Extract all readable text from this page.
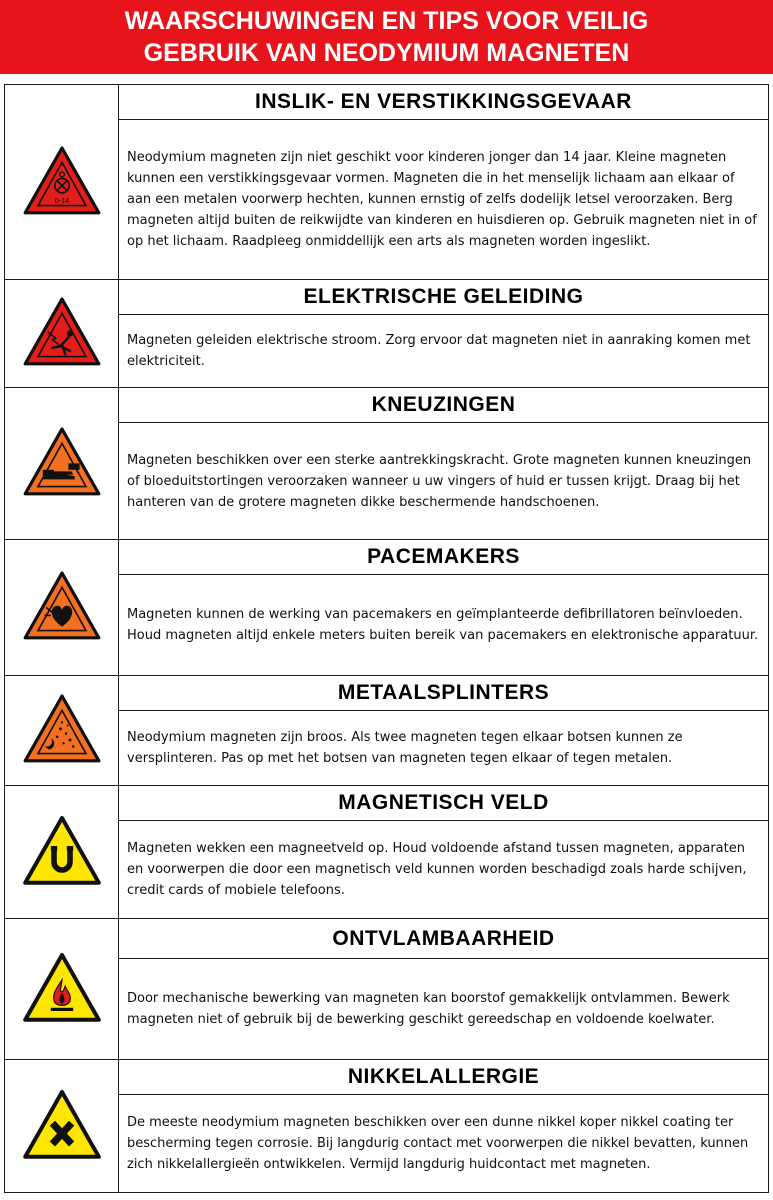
WAARSCHUWINGEN EN TIPS VOOR VEILIG
GEBRUIK VAN NEODYMIUM MAGNETEN
0-14	INSLIK- EN VERSTIKKINGSGEVAAR
	Neodymium magneten zijn niet geschikt voor kinderen jonger dan 14 jaar. Kleine magneten kunnen een verstikkingsgevaar vormen. Magneten die in het menselijk lichaam aan elkaar of aan een metalen voorwerp hechten, kunnen ernstig of zelfs dodelijk letsel veroorzaken. Berg magneten altijd buiten de reikwijdte van kinderen en huisdieren op. Gebruik magneten niet in of op het lichaam. Raadpleeg onmiddellijk een arts als magneten worden ingeslikt.
	ELEKTRISCHE GELEIDING
	Magneten geleiden elektrische stroom. Zorg ervoor dat magneten niet in aanraking komen met elektriciteit.
	KNEUZINGEN
	Magneten beschikken over een sterke aantrekkingskracht. Grote magneten kunnen kneuzingen of bloeduitstortingen veroorzaken wanneer u uw vingers of huid er tussen krijgt. Draag bij het hanteren van de grotere magneten dikke beschermende handschoenen.
	PACEMAKERS
	Magneten kunnen de werking van pacemakers en geïmplanteerde defibrillatoren beïnvloeden. Houd magneten altijd enkele meters buiten bereik van pacemakers en elektronische apparatuur.
	METAALSPLINTERS
	Neodymium magneten zijn broos. Als twee magneten tegen elkaar botsen kunnen ze versplinteren. Pas op met het botsen van magneten tegen elkaar of tegen metalen.
	MAGNETISCH VELD
	Magneten wekken een magneetveld op. Houd voldoende afstand tussen magneten, apparaten en voorwerpen die door een magnetisch veld kunnen worden beschadigd zoals harde schijven, credit cards of mobiele telefoons.
	ONTVLAMBAARHEID
	Door mechanische bewerking van magneten kan boorstof gemakkelijk ontvlammen. Bewerk magneten niet of gebruik bij de bewerking geschikt gereedschap en voldoende koelwater.
	NIKKELALLERGIE
	De meeste neodymium magneten beschikken over een dunne nikkel koper nikkel coating ter bescherming tegen corrosie. Bij langdurig contact met voorwerpen die nikkel bevatten, kunnen zich nikkelallergieën ontwikkelen. Vermijd langdurig huidcontact met magneten.
